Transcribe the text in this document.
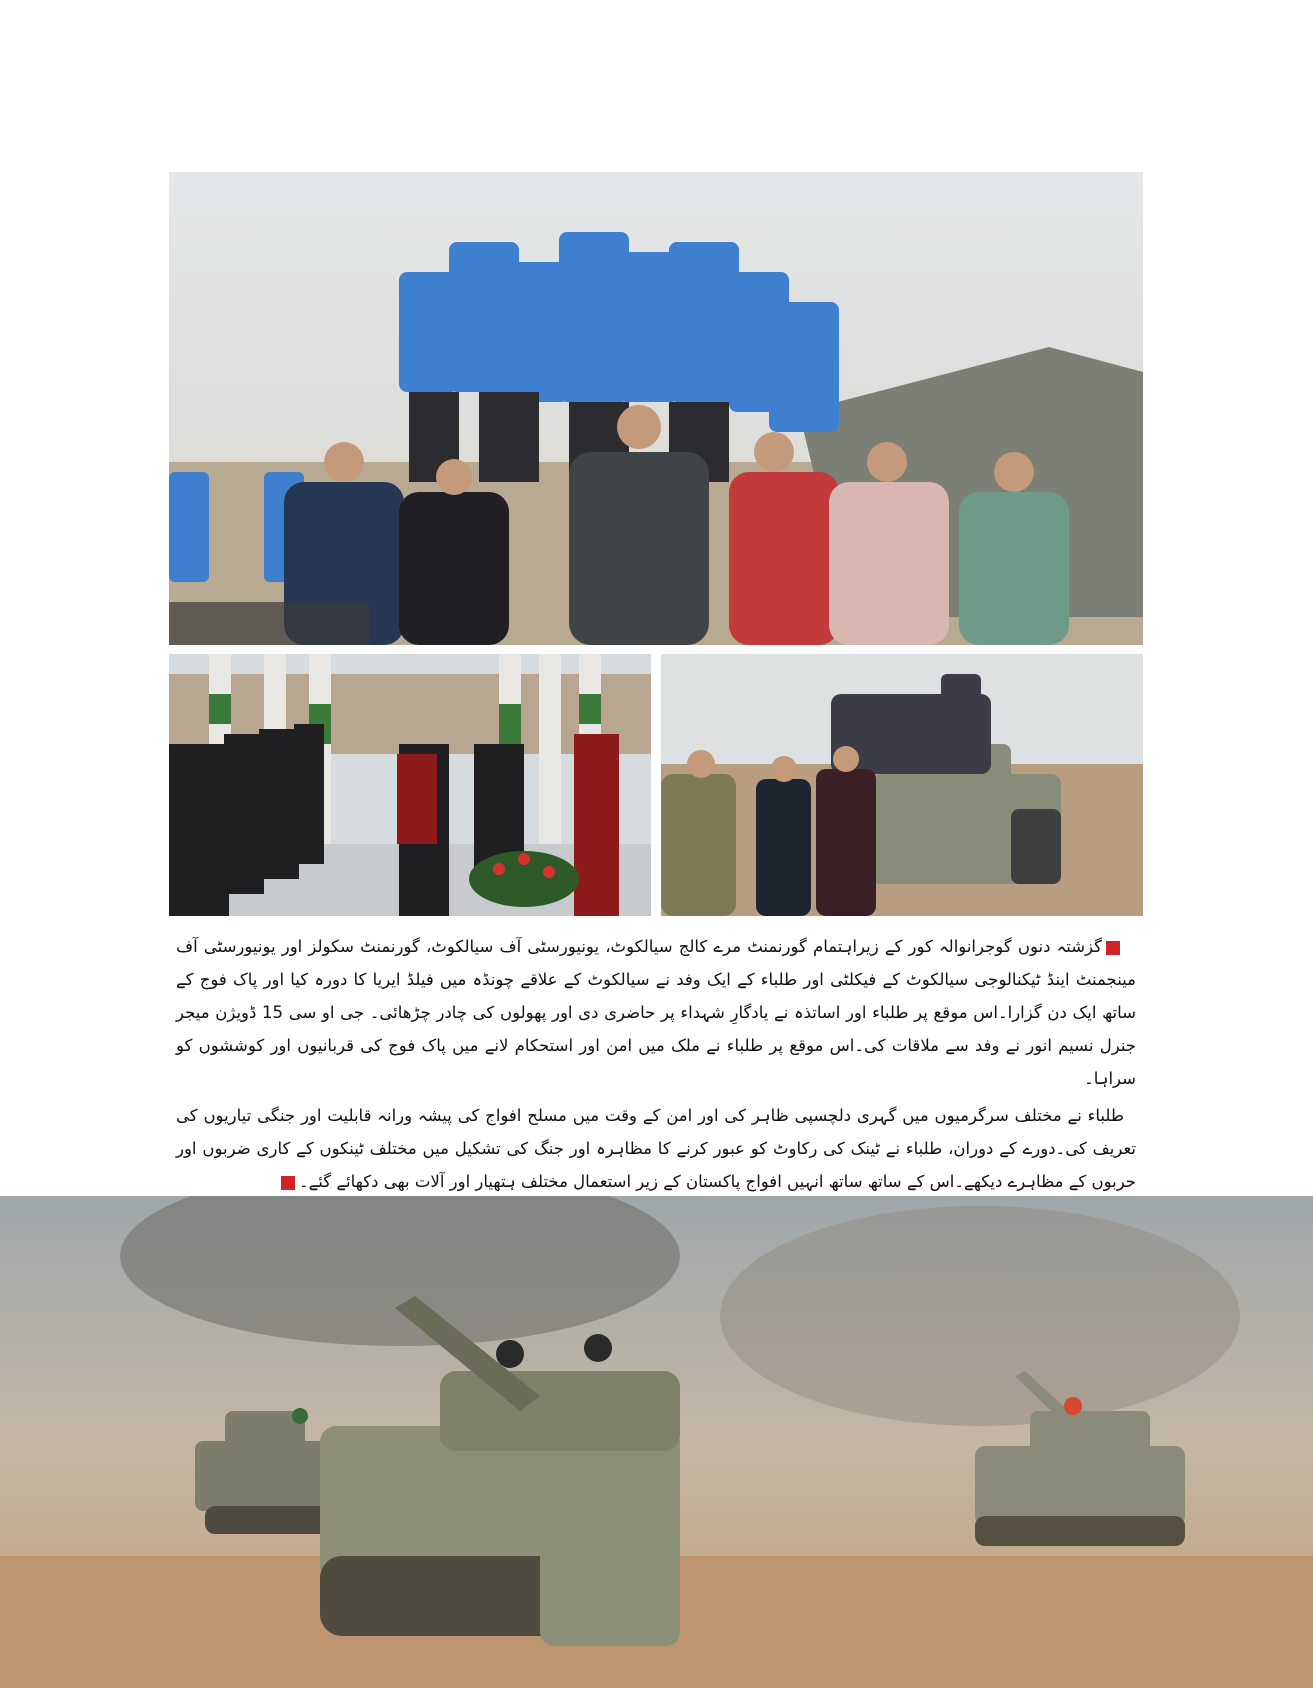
گزشتہ دنوں گوجرانوالہ کور کے زیراہتمام گورنمنٹ مرے کالج سیالکوٹ، یونیورسٹی آف سیالکوٹ، گورنمنٹ سکولز اور یونیورسٹی آف مینجمنٹ اینڈ ٹیکنالوجی سیالکوٹ کے فیکلٹی اور طلباء کے ایک وفد نے سیالکوٹ کے علاقے چونڈہ میں فیلڈ ایریا کا دورہ کیا اور پاک فوج کے ساتھ ایک دن گزارا۔اس موقع پر طلباء اور اساتذہ نے یادگارِ شہداء پر حاضری دی اور پھولوں کی چادر چڑھائی۔ جی او سی 15 ڈویژن میجر جنرل نسیم انور نے وفد سے ملاقات کی۔اس موقع پر طلباء نے ملک میں امن اور استحکام لانے میں پاک فوج کی قربانیوں اور کوششوں کو سراہا۔

طلباء نے مختلف سرگرمیوں میں گہری دلچسپی ظاہر کی اور امن کے وقت میں مسلح افواج کی پیشہ ورانہ قابلیت اور جنگی تیاریوں کی تعریف کی۔دورے کے دوران، طلباء نے ٹینک کی رکاوٹ کو عبور کرنے کا مظاہرہ اور جنگ کی تشکیل میں مختلف ٹینکوں کے کاری ضربوں اور حربوں کے مظاہرے دیکھے۔اس کے ساتھ ساتھ انہیں افواج پاکستان کے زیر استعمال مختلف ہتھیار اور آلات بھی دکھائے گئے۔
